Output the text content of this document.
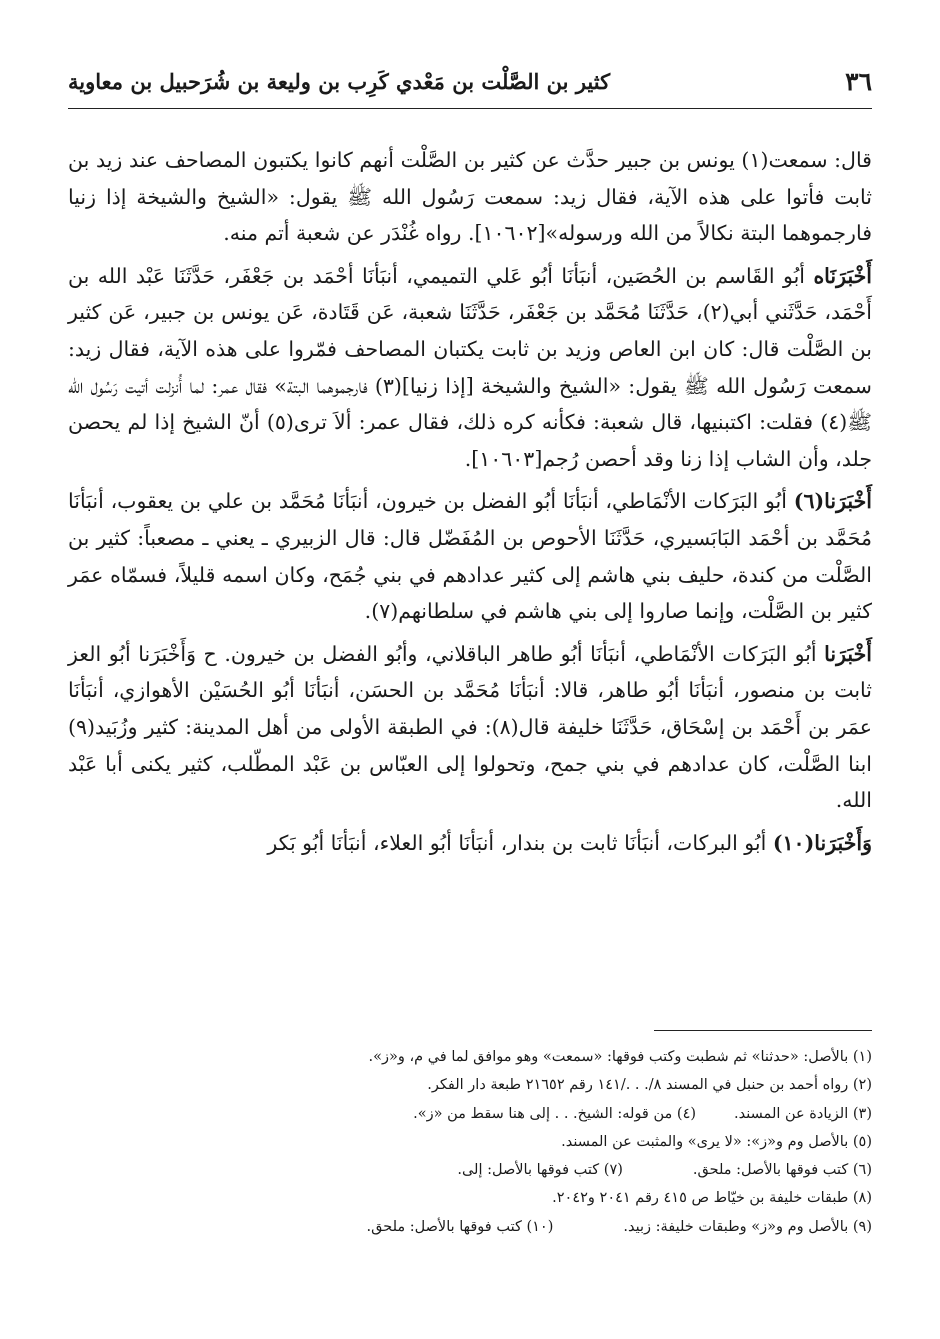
٣٦
كثير بن الصَّلْت بن مَعْدي كَرِب بن وليعة بن شُرَحبيل بن معاوية

قال: سمعت(١) يونس بن جبير حدَّث عن كثير بن الصَّلْت أنهم كانوا يكتبون المصاحف عند زيد بن ثابت فأتوا على هذه الآية، فقال زيد: سمعت رَسُول الله ﷺ يقول: «الشيخ والشيخة إذا زنيا فارجموهما البتة نكالاً من الله ورسوله»[١٠٦٠٢]. رواه غُنْدَر عن شعبة أتم منه.

أَخْبَرَنَاه أبُو القَاسم بن الحُصَين، أنبَأنَا أبُو عَلي التميمي، أنبَأنَا أحْمَد بن جَعْفَر، حَدَّثَنَا عَبْد الله بن أَحْمَد، حَدَّثَني أبي(٢)، حَدَّثَنَا مُحَمَّد بن جَعْفَر، حَدَّثَنَا شعبة، عَن قَتَادة، عَن يونس بن جبير، عَن كثير بن الصَّلْت قال: كان ابن العاص وزيد بن ثابت يكتبان المصاحف فمّروا على هذه الآية، فقال زيد: سمعت رَسُول الله ﷺ يقول: «الشيخ والشيخة [إذا زنيا](٣) فارجموهما البتة» فقال عمر: لما أُنزلت أتيت رَسُول الله ﷺ(٤) فقلت: اكتبنيها، قال شعبة: فكأنه كره ذلك، فقال عمر: ألاَ ترى(٥) أنّ الشيخ إذا لم يحصن جلد، وأن الشاب إذا زنا وقد أحصن رُجم[١٠٦٠٣].

أَخْبَرَنا(٦) أبُو البَرَكات الأنْمَاطي، أنبَأنَا أبُو الفضل بن خيرون، أنبَأنَا مُحَمَّد بن علي بن يعقوب، أنبَأنَا مُحَمَّد بن أحْمَد البَابَسيري، حَدَّثَنَا الأحوص بن المُفَضّل قال: قال الزبيري ـ يعني ـ مصعباً: كثير بن الصَّلْت من كندة، حليف بني هاشم إلى كثير عدادهم في بني جُمَح، وكان اسمه قليلاً، فسمّاه عمَر كثير بن الصَّلْت، وإنما صاروا إلى بني هاشم في سلطانهم(٧).

أَخْبَرَنا أبُو البَرَكات الأنْمَاطي، أنبَأنَا أبُو طاهر الباقلاني، وأبُو الفضل بن خيرون. ح وَأَخْبَرَنا أبُو العز ثابت بن منصور، أنبَأنَا أبُو طاهر، قالا: أنبَأنَا مُحَمَّد بن الحسَن، أنبَأنَا أبُو الحُسَيْن الأهوازي، أنبَأنَا عمَر بن أَحْمَد بن إسْحَاق، حَدَّثَنَا خليفة قال(٨): في الطبقة الأولى من أهل المدينة: كثير وزُبَيد(٩) ابنا الصَّلْت، كان عدادهم في بني جمح، وتحولوا إلى العبّاس بن عَبْد المطّلب، كثير يكنى أبا عَبْد الله.

وَأَخْبَرَنا(١٠) أبُو البركات، أنبَأنَا ثابت بن بندار، أنبَأنَا أبُو العلاء، أنبَأنَا أبُو بَكر

(١) بالأصل: «حدثنا» ثم شطبت وكتب فوقها: «سمعت» وهو موافق لما في م، و«ز».
(٢) رواه أحمد بن حنبل في المسند ٨/. . ./١٤١ رقم ٢١٦٥٢ طبعة دار الفكر.
(٣) الزيادة عن المسند.(٤) من قوله: الشيخ. . . إلى هنا سقط من «ز».
(٥) بالأصل وم و«ز»: «لا يرى» والمثبت عن المسند.
(٦) كتب فوقها بالأصل: ملحق.(٧) كتب فوقها بالأصل: إلى.
(٨) طبقات خليفة بن خيّاط ص ٤١٥ رقم ٢٠٤١ و٢٠٤٢.
(٩) بالأصل وم و«ز» وطبقات خليفة: زبيد.(١٠) كتب فوقها بالأصل: ملحق.
